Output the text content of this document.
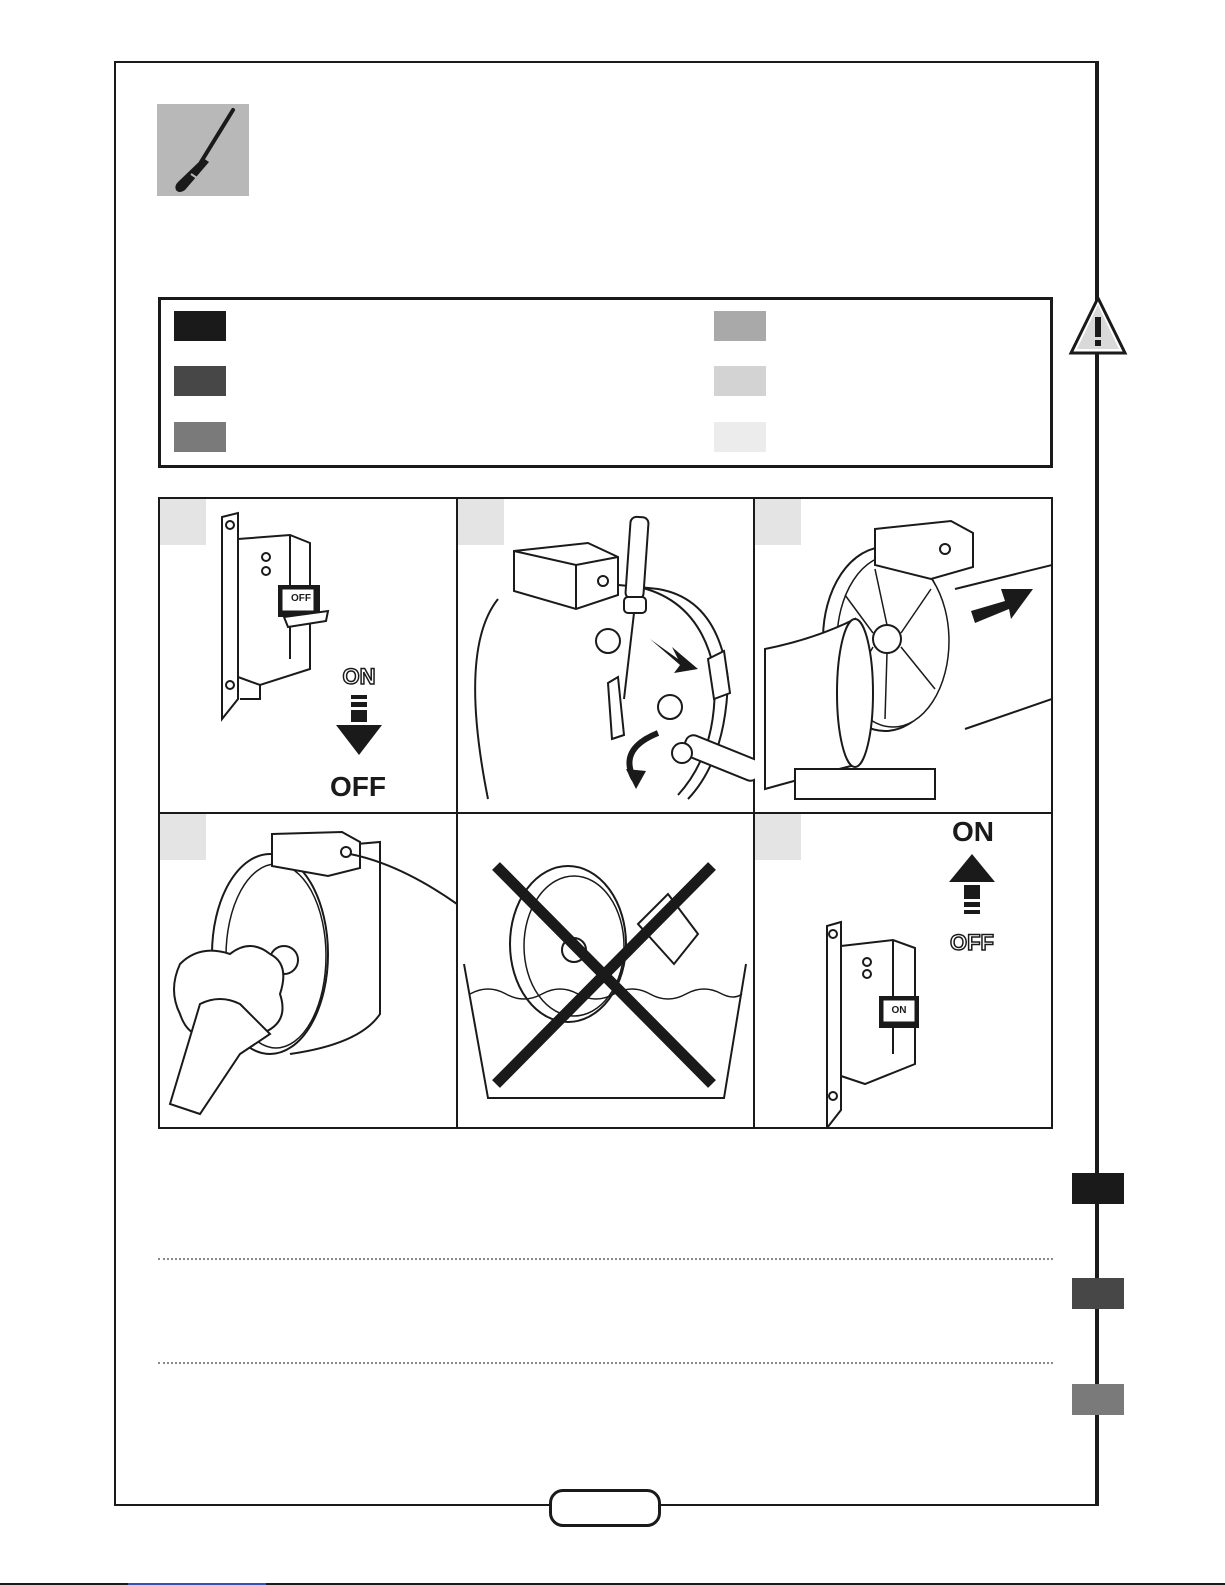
OFF
ON
OFF
ON
ON
OFF
